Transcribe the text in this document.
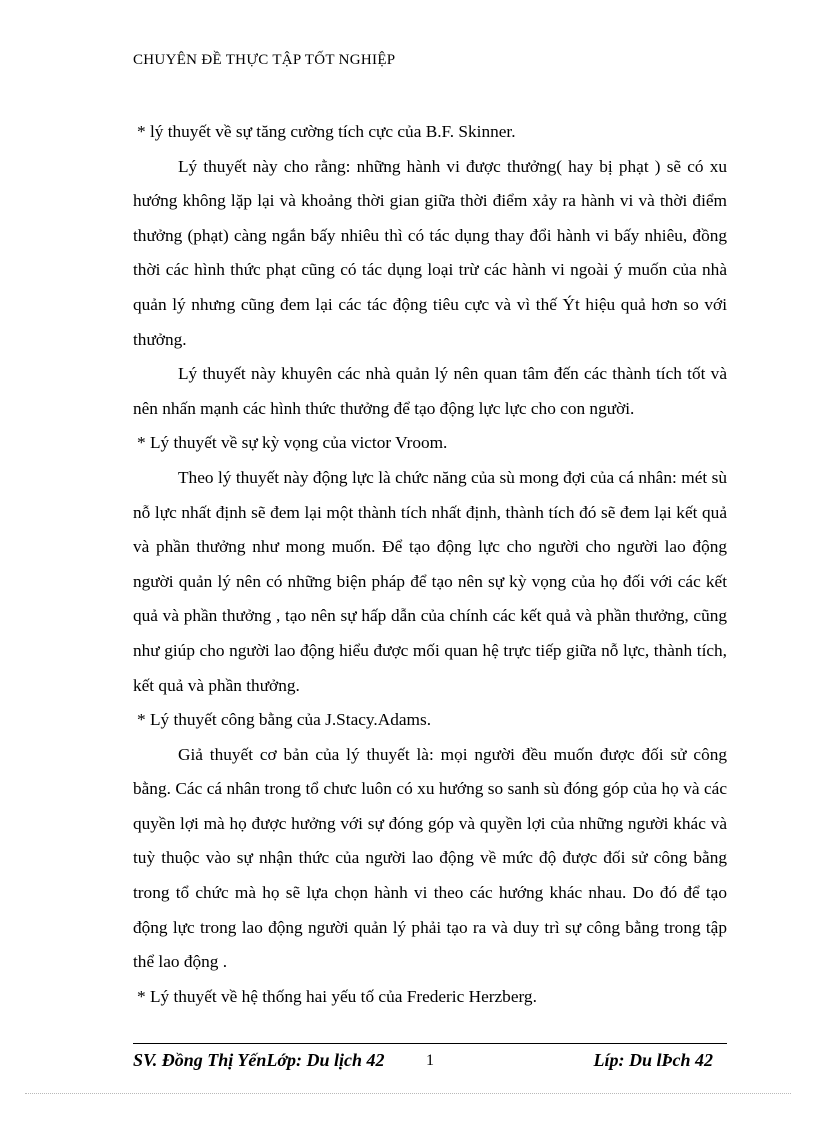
CHUYÊN ĐỀ THỰC TẬP TỐT NGHIỆP

* lý thuyết về sự tăng cường tích cực của B.F. Skinner.

Lý thuyết này cho rằng: những hành vi được thưởng( hay bị phạt ) sẽ có xu hướng không lặp lại và khoảng thời gian giữa thời điểm xảy ra hành vi và thời điểm thưởng (phạt) càng ngắn bấy nhiêu thì có tác dụng thay đổi hành vi bấy nhiêu, đồng thời các hình thức phạt cũng có tác dụng loại trừ các hành vi ngoài ý muốn của nhà quản lý nhưng cũng đem lại các tác động tiêu cực và vì thế Ýt hiệu quả hơn so với thưởng.

Lý thuyết này khuyên các nhà quản lý nên quan tâm đến các thành tích tốt và nên nhấn mạnh các hình thức thưởng để tạo động lực lực cho con người.

* Lý thuyết về sự kỳ vọng của victor Vroom.

Theo lý thuyết này động lực là chức năng của sù mong đợi của cá nhân: mét sù nỗ lực nhất định sẽ đem lại một thành tích nhất định, thành tích đó sẽ đem lại kết quả và phần thưởng như mong muốn. Để tạo động lực cho người cho người lao động người quản lý nên có những biện pháp để tạo nên sự kỳ vọng của họ đối với các kết quả và phần thưởng , tạo nên sự hấp dẫn của chính các kết quả và phần thưởng, cũng như giúp cho người lao động hiểu được mối quan hệ trực tiếp giữa nỗ lực, thành tích, kết quả và phần thưởng.

* Lý thuyết công bằng của J.Stacy.Adams.

Giả thuyết cơ bản của lý thuyết là: mọi người đều muốn được đối sử công bằng. Các cá nhân trong tổ chưc luôn có xu hướng so sanh sù đóng góp của họ và các quyền lợi mà họ được hưởng với sự đóng góp và quyền lợi của những người khác và tuỳ thuộc vào sự nhận thức của người lao động về mức độ được đối sử công bằng trong tổ chức mà họ sẽ lựa chọn hành vi theo các hướng khác nhau. Do đó để tạo động lực trong lao động người quản lý phải tạo ra và duy trì sự công bằng trong tập thể lao động .

* Lý thuyết về hệ thống hai yếu tố của Frederic Herzberg.

SV. Đồng Thị YếnLớp: Du lịch 42	1	Líp: Du lÞch 42
